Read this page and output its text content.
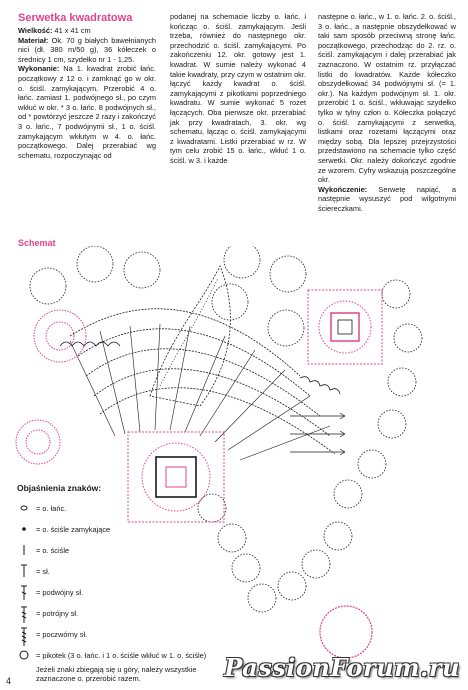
Serwetka kwadratowa

Wielkość: 41 x 41 cm

Materiał: Ok. 70 g białych bawełnianych nici (dł. 380 m/50 g), 36 kółeczek o średnicy 1 cm, szydełko nr 1 - 1,25.

Wykonanie: Na 1. kwadrat zrobić łańc. początkowy z 12 o. i zamknąć go w okr. o. ściśl. zamykającym. Przerobić 4 o. łańc. zamiast 1. podwójnego sł., po czym wkłuć w okr. * 3 o. łańc. 8 podwójnych sł., od * powtórzyć jeszcze 2 razy i zakończyć 3 o. łańc., 7 podwójnymi sł., 1 o. ściśl. zamykającym wkłutym w 4. o. łańc. początkowego. Dalej przerabiać wg schematu, rozpoczynając od

podanej na schemacie liczby o. łańc. i kończąc o. ściśl. zamykającym. Jeśli trzeba, również do następnego okr. przechodzić o. ściśl. zamykającymi. Po zakończeniu 12. okr. gotowy jest 1. kwadrat. W sumie należy wykonać 4 takie kwadraty, przy czym w ostatnim okr. łączyć każdy kwadrat o. ściśl. zamykającymi z pikotkami poprzedniego kwadratu. W sumie wykonać 5 rozet łączących. Oba pierwsze okr. przerabiać jak przy kwadratach, 3. okr. wg schematu, łącząc o. ściśl. zamykającymi z kwadratami. Listki przerabiać w rz. W tym celu zrobić 15 o. łańc., wkłuć 1 o. ściśl. w 3. i każde

następne o. łańc., w 1. o. łańc. 2. o. ściśl., 3 o. łańc., a następnie obszydełkować w taki sam sposób przeciwną stronę łańc. początkowego, przechodząc do 2. rz. o. ściśl. zamykającym i dalej przerabiać jak zaznaczono. W ostatnim rz. przyłączać listki do kwadratów. Każde kółeczko obszydełkować 34 podwójnymi sł. (= 1. okr.). Na każdym podwójnym sł. 1. okr. przerobić 1 o. ściśl., wkłuwając szydełko tylko w tylny człon o. Kółeczka połączyć o. ściśl. zamykającymi z serwetką, listkami oraz rozetami łączącymi oraz między sobą. Dla lepszej przejrzystości przedstawiono na schemacie tylko część serwetki. Okr. należy dokończyć zgodnie ze wzorem. Cyfry wskazują poszczególne okr.

Wykończenie: Serwetę napiąć, a następnie wysuszyć pod wilgotnymi ściereczkami.

Schemat
Objaśnienia znaków:
= o. łańc.
= o. ściśle zamykające
= o. ściśle
= sł.
= podwójny sł.
= potrójny sł.
= poczwórny sł.
= pikotek (3 o. łańc. i 1 o. ściśle wkłuć w 1. o. ściśle)
Jeżeli znaki zbiegają się u góry, należy wszystkie zaznaczone o. przerobić razem.
4	PassionForum.ru
